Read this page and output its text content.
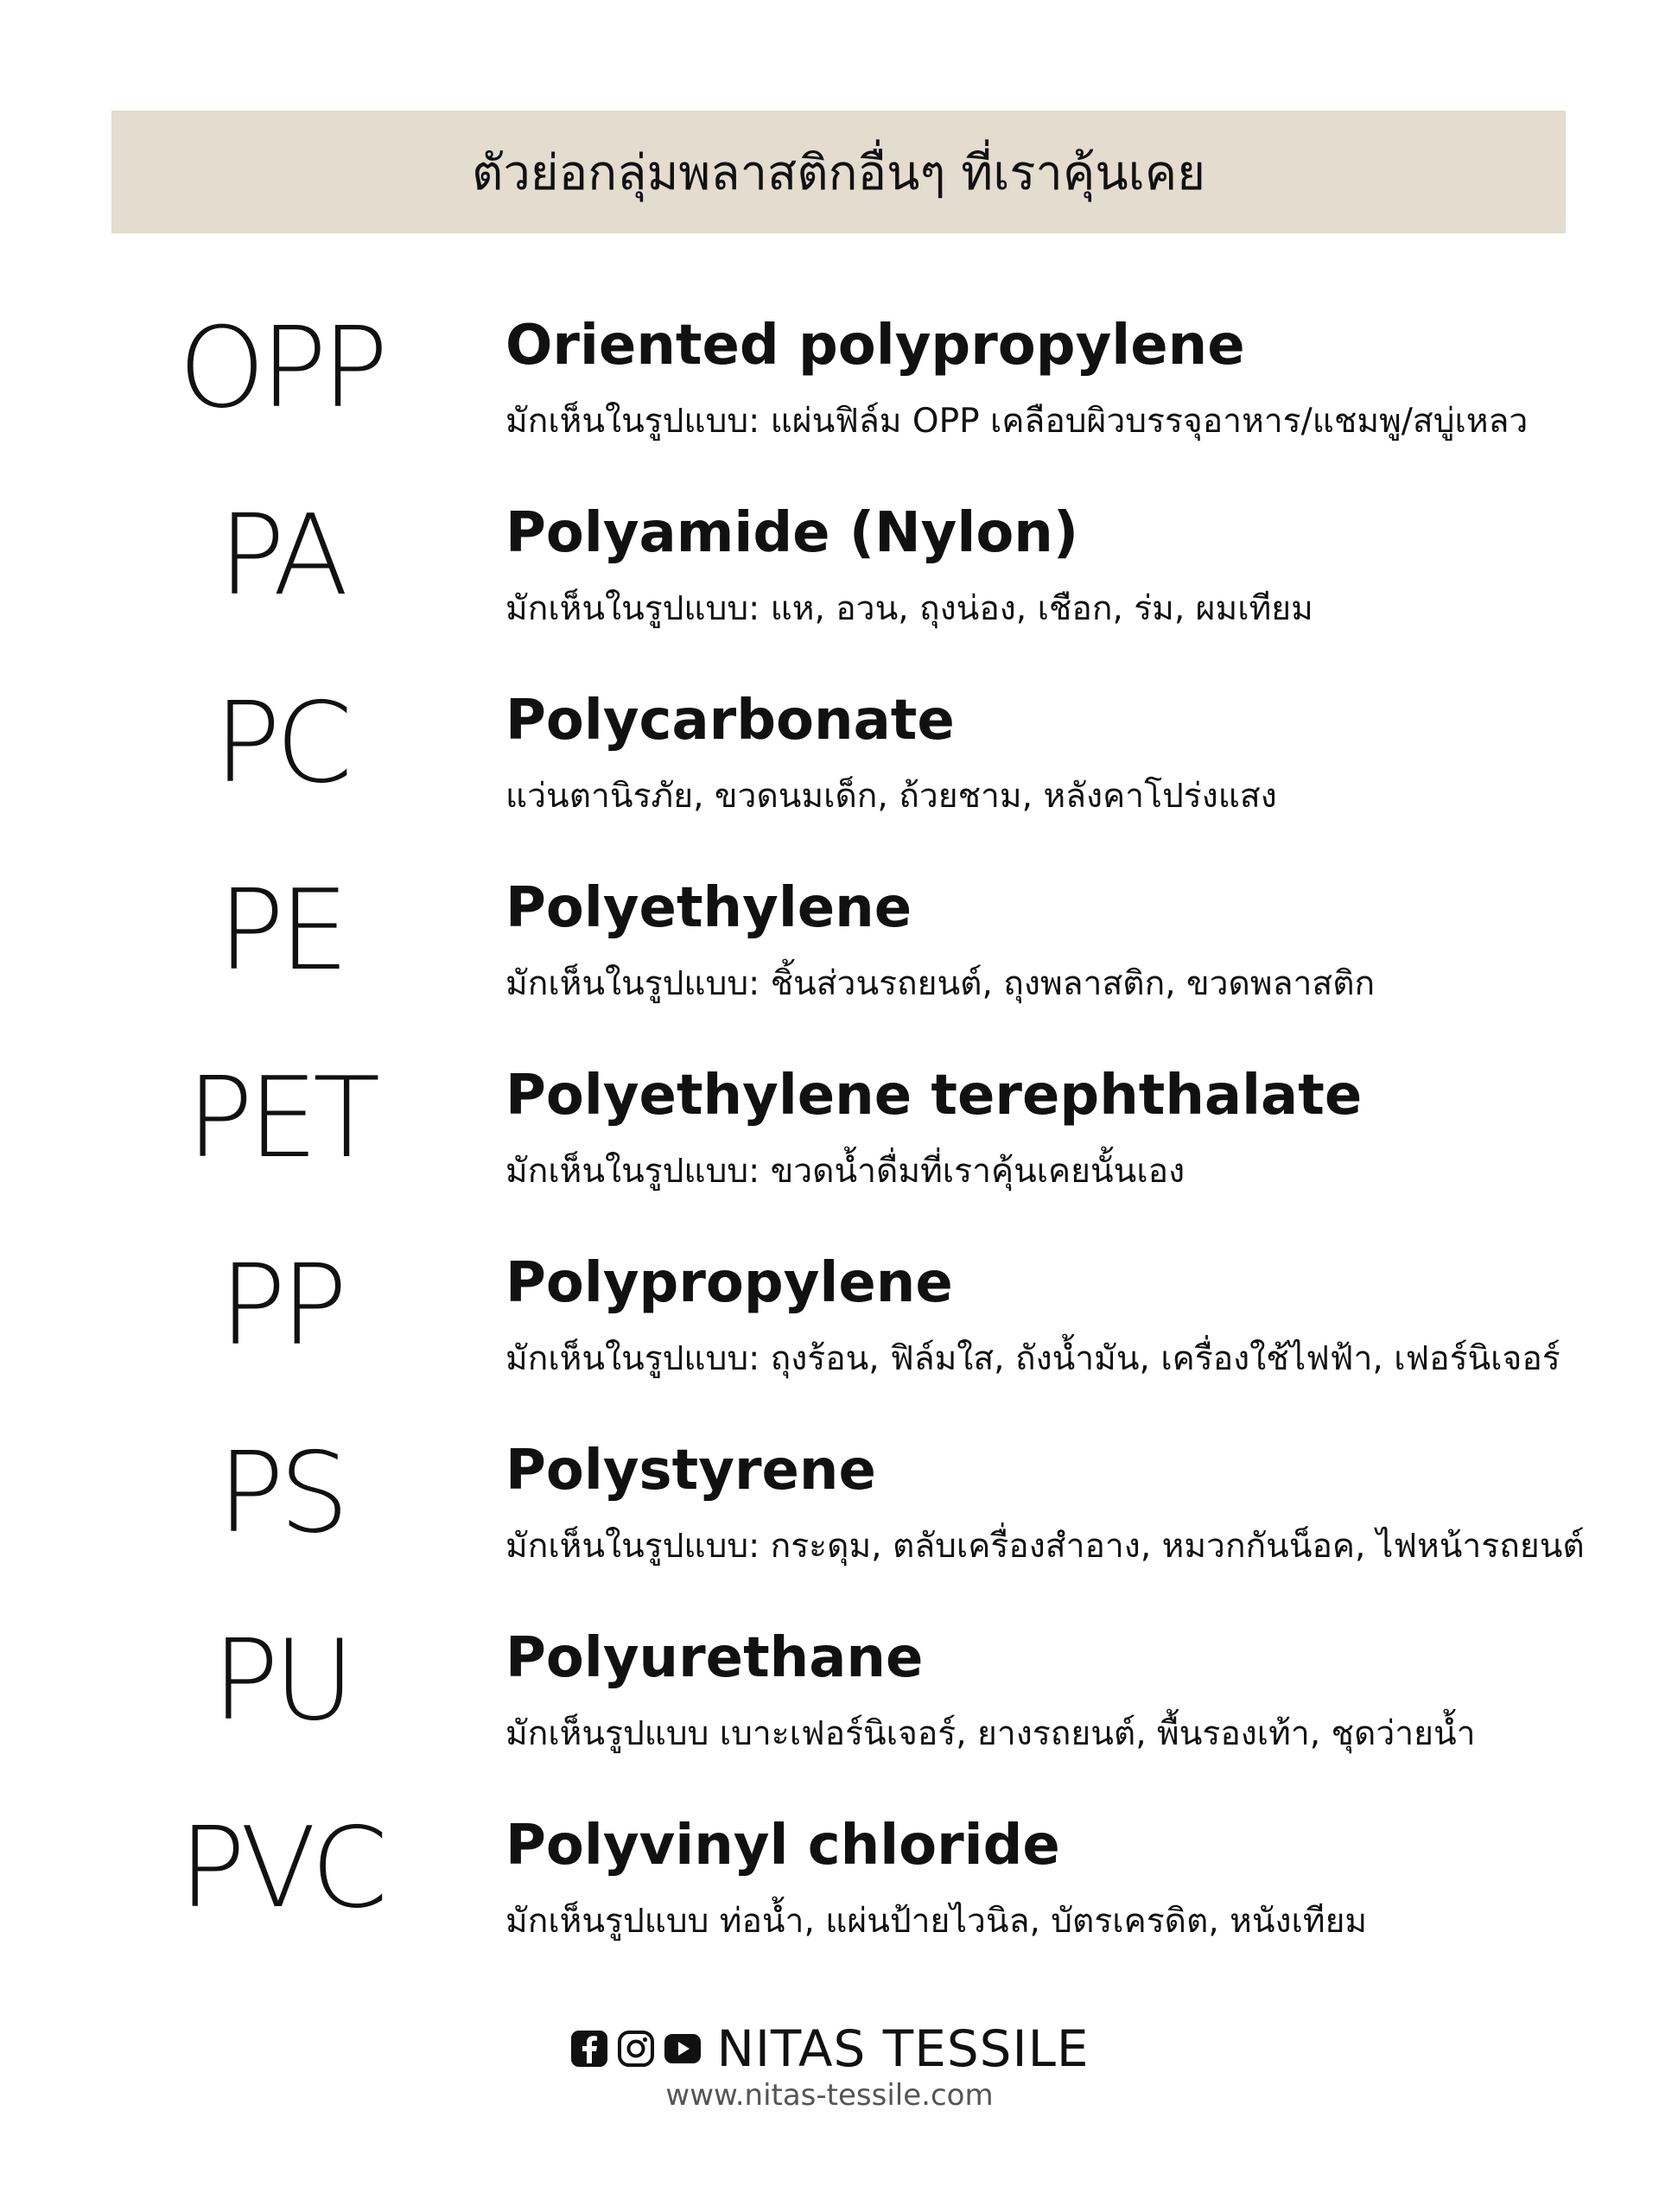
ตัวย่อกลุ่มพลาสติกอื่นๆ ที่เราคุ้นเคย
OPP	Oriented polypropylene
มักเห็นในรูปแบบ: แผ่นฟิล์ม OPP เคลือบผิวบรรจุอาหาร/แชมพู/สบู่เหลว
PA	Polyamide (Nylon)
มักเห็นในรูปแบบ: แห, อวน, ถุงน่อง, เชือก, ร่ม, ผมเทียม
PC	Polycarbonate
แว่นตานิรภัย, ขวดนมเด็ก, ถ้วยชาม, หลังคาโปร่งแสง
PE	Polyethylene
มักเห็นในรูปแบบ: ชิ้นส่วนรถยนต์, ถุงพลาสติก, ขวดพลาสติก
PET	Polyethylene terephthalate
มักเห็นในรูปแบบ: ขวดน้ำดื่มที่เราคุ้นเคยนั้นเอง
PP	Polypropylene
มักเห็นในรูปแบบ: ถุงร้อน, ฟิล์มใส, ถังน้ำมัน, เครื่องใช้ไฟฟ้า, เฟอร์นิเจอร์
PS	Polystyrene
มักเห็นในรูปแบบ: กระดุม, ตลับเครื่องสำอาง, หมวกกันน็อค, ไฟหน้ารถยนต์
PU	Polyurethane
มักเห็นรูปแบบ เบาะเฟอร์นิเจอร์, ยางรถยนต์, พื้นรองเท้า, ชุดว่ายน้ำ
PVC	Polyvinyl chloride
มักเห็นรูปแบบ ท่อน้ำ, แผ่นป้ายไวนิล, บัตรเครดิต, หนังเทียม
NITAS TESSILE
www.nitas-tessile.com
